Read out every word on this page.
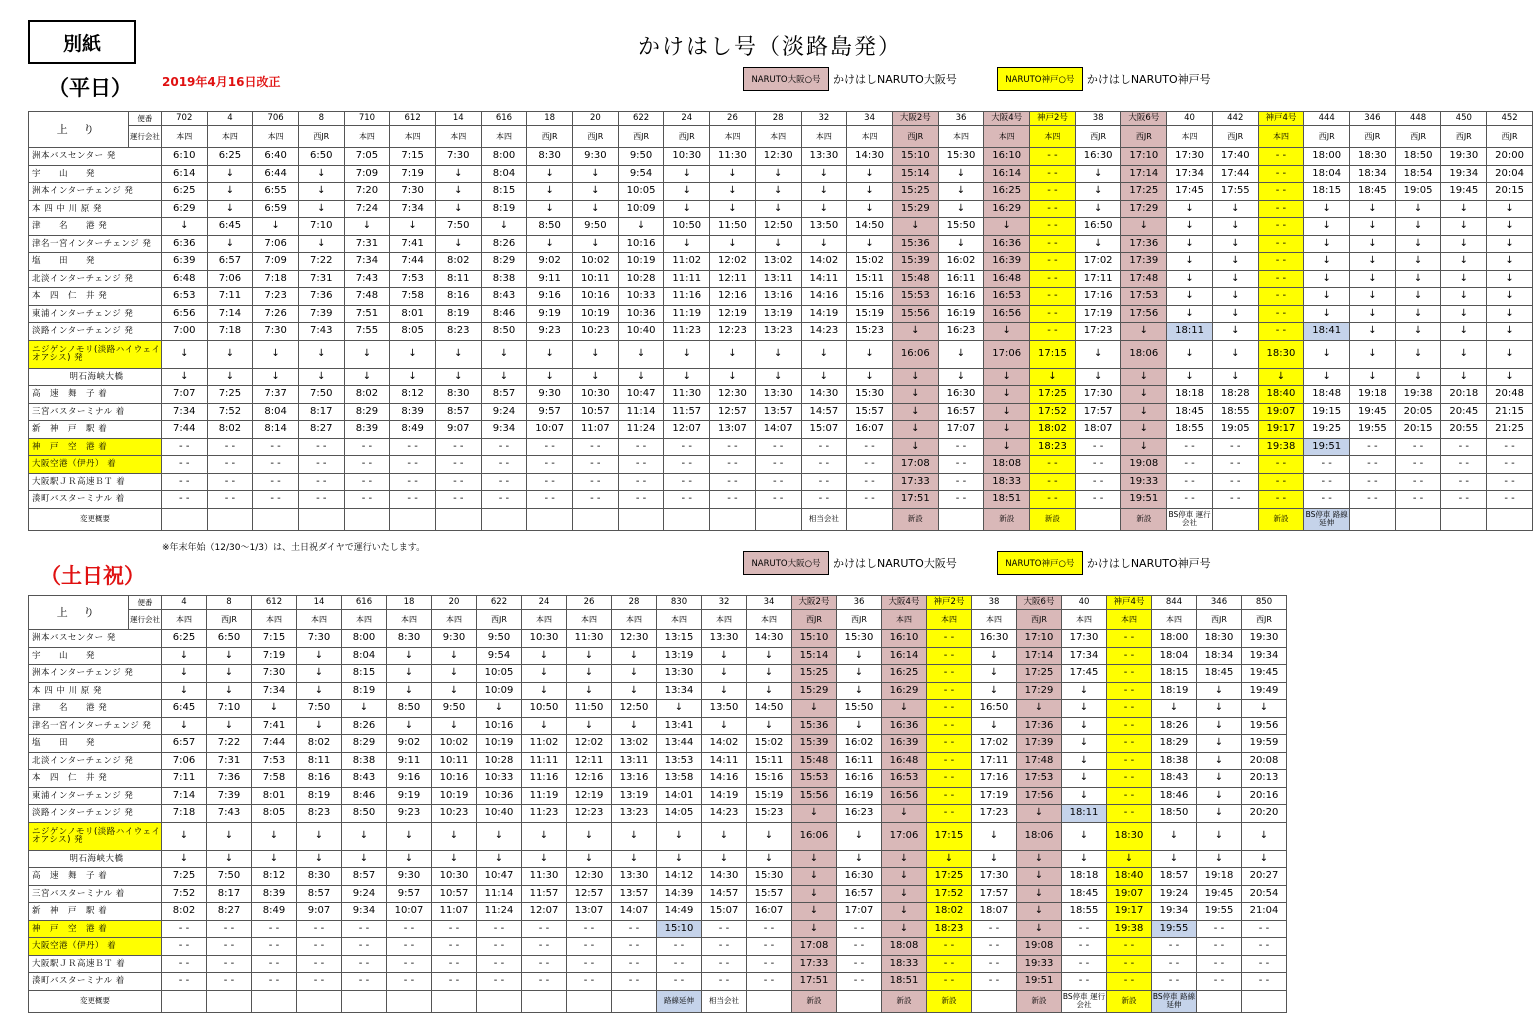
別紙	かけはし号（淡路島発）
（平日）	2019年4月16日改正	NARUTO大阪○号	かけはしNARUTO大阪号	NARUTO神戸○号	かけはしNARUTO神戸号
上 り	便番	702	4	706	8	710	612	14	616	18	20	622	24	26	28	32	34	大阪2号	36	大阪4号	神戸2号	38	大阪6号	40	442	神戸4号	444	346	448	450	452
	運行会社	本四	本四	本四	西JR	本四	本四	本四	本四	西JR	西JR	西JR	西JR	本四	本四	本四	本四	西JR	本四	本四	本四	西JR	西JR	本四	西JR	本四	西JR	西JR	西JR	西JR	西JR
洲本バスセンター 発		6:10	6:25	6:40	6:50	7:05	7:15	7:30	8:00	8:30	9:30	9:50	10:30	11:30	12:30	13:30	14:30	15:10	15:30	16:10	- -	16:30	17:10	17:30	17:40	- -	18:00	18:30	18:50	19:30	20:00
宇　　山　　発		6:14	↓	6:44	↓	7:09	7:19	↓	8:04	↓	↓	9:54	↓	↓	↓	↓	↓	15:14	↓	16:14	- -	↓	17:14	17:34	17:44	- -	18:04	18:34	18:54	19:34	20:04
洲本インターチェンジ 発		6:25	↓	6:55	↓	7:20	7:30	↓	8:15	↓	↓	10:05	↓	↓	↓	↓	↓	15:25	↓	16:25	- -	↓	17:25	17:45	17:55	- -	18:15	18:45	19:05	19:45	20:15
本 四 中 川 原 発		6:29	↓	6:59	↓	7:24	7:34	↓	8:19	↓	↓	10:09	↓	↓	↓	↓	↓	15:29	↓	16:29	- -	↓	17:29	↓	↓	- -	↓	↓	↓	↓	↓
津　　名　　港 発		↓	6:45	↓	7:10	↓	↓	7:50	↓	8:50	9:50	↓	10:50	11:50	12:50	13:50	14:50	↓	15:50	↓	- -	16:50	↓	↓	↓	- -	↓	↓	↓	↓	↓
津名一宮インターチェンジ 発		6:36	↓	7:06	↓	7:31	7:41	↓	8:26	↓	↓	10:16	↓	↓	↓	↓	↓	15:36	↓	16:36	- -	↓	17:36	↓	↓	- -	↓	↓	↓	↓	↓
塩　　田　　発		6:39	6:57	7:09	7:22	7:34	7:44	8:02	8:29	9:02	10:02	10:19	11:02	12:02	13:02	14:02	15:02	15:39	16:02	16:39	- -	17:02	17:39	↓	↓	- -	↓	↓	↓	↓	↓
北淡インターチェンジ 発		6:48	7:06	7:18	7:31	7:43	7:53	8:11	8:38	9:11	10:11	10:28	11:11	12:11	13:11	14:11	15:11	15:48	16:11	16:48	- -	17:11	17:48	↓	↓	- -	↓	↓	↓	↓	↓
本　四　仁　井 発		6:53	7:11	7:23	7:36	7:48	7:58	8:16	8:43	9:16	10:16	10:33	11:16	12:16	13:16	14:16	15:16	15:53	16:16	16:53	- -	17:16	17:53	↓	↓	- -	↓	↓	↓	↓	↓
東浦インターチェンジ 発		6:56	7:14	7:26	7:39	7:51	8:01	8:19	8:46	9:19	10:19	10:36	11:19	12:19	13:19	14:19	15:19	15:56	16:19	16:56	- -	17:19	17:56	↓	↓	- -	↓	↓	↓	↓	↓
淡路インターチェンジ 発		7:00	7:18	7:30	7:43	7:55	8:05	8:23	8:50	9:23	10:23	10:40	11:23	12:23	13:23	14:23	15:23	↓	16:23	↓	- -	17:23	↓	18:11	↓	- -	18:41	↓	↓	↓	↓
ニジゲンノモリ(淡路ハイウェイオアシス) 発		↓	↓	↓	↓	↓	↓	↓	↓	↓	↓	↓	↓	↓	↓	↓	↓	16:06	↓	17:06	17:15	↓	18:06	↓	↓	18:30	↓	↓	↓	↓	↓
明石海峡大橋		↓	↓	↓	↓	↓	↓	↓	↓	↓	↓	↓	↓	↓	↓	↓	↓	↓	↓	↓	↓	↓	↓	↓	↓	↓	↓	↓	↓	↓	↓
高　速　舞　子 着		7:07	7:25	7:37	7:50	8:02	8:12	8:30	8:57	9:30	10:30	10:47	11:30	12:30	13:30	14:30	15:30	↓	16:30	↓	17:25	17:30	↓	18:18	18:28	18:40	18:48	19:18	19:38	20:18	20:48
三宮バスターミナル 着		7:34	7:52	8:04	8:17	8:29	8:39	8:57	9:24	9:57	10:57	11:14	11:57	12:57	13:57	14:57	15:57	↓	16:57	↓	17:52	17:57	↓	18:45	18:55	19:07	19:15	19:45	20:05	20:45	21:15
新　神　戸　駅 着		7:44	8:02	8:14	8:27	8:39	8:49	9:07	9:34	10:07	11:07	11:24	12:07	13:07	14:07	15:07	16:07	↓	17:07	↓	18:02	18:07	↓	18:55	19:05	19:17	19:25	19:55	20:15	20:55	21:25
神　戸　空　港 着		- -	- -	- -	- -	- -	- -	- -	- -	- -	- -	- -	- -	- -	- -	- -	- -	↓	- -	↓	18:23	- -	↓	- -	- -	19:38	19:51	- -	- -	- -	- -
大阪空港（伊丹） 着		- -	- -	- -	- -	- -	- -	- -	- -	- -	- -	- -	- -	- -	- -	- -	- -	17:08	- -	18:08	- -	- -	19:08	- -	- -	- -	- -	- -	- -	- -	- -
大阪駅ＪＲ高速ＢＴ 着		- -	- -	- -	- -	- -	- -	- -	- -	- -	- -	- -	- -	- -	- -	- -	- -	17:33	- -	18:33	- -	- -	19:33	- -	- -	- -	- -	- -	- -	- -	- -
湊町バスターミナル 着		- -	- -	- -	- -	- -	- -	- -	- -	- -	- -	- -	- -	- -	- -	- -	- -	17:51	- -	18:51	- -	- -	19:51	- -	- -	- -	- -	- -	- -	- -	- -
変更概要																相当会社		新設		新設	新設		新設	BS停車 運行会社		新設	BS停車 路線延伸				
※年末年始（12/30～1/3）は、土日祝ダイヤで運行いたします。
（土日祝）	NARUTO大阪○号	かけはしNARUTO大阪号	NARUTO神戸○号	かけはしNARUTO神戸号
上 り	便番	4	8	612	14	616	18	20	622	24	26	28	830	32	34	大阪2号	36	大阪4号	神戸2号	38	大阪6号	40	神戸4号	844	346	850
	運行会社	本四	西JR	本四	本四	本四	本四	本四	西JR	本四	本四	本四	本四	本四	本四	西JR	西JR	本四	本四	本四	西JR	本四	本四	本四	西JR	西JR
洲本バスセンター 発		6:25	6:50	7:15	7:30	8:00	8:30	9:30	9:50	10:30	11:30	12:30	13:15	13:30	14:30	15:10	15:30	16:10	- -	16:30	17:10	17:30	- -	18:00	18:30	19:30
宇　　山　　発		↓	↓	7:19	↓	8:04	↓	↓	9:54	↓	↓	↓	13:19	↓	↓	15:14	↓	16:14	- -	↓	17:14	17:34	- -	18:04	18:34	19:34
洲本インターチェンジ 発		↓	↓	7:30	↓	8:15	↓	↓	10:05	↓	↓	↓	13:30	↓	↓	15:25	↓	16:25	- -	↓	17:25	17:45	- -	18:15	18:45	19:45
本 四 中 川 原 発		↓	↓	7:34	↓	8:19	↓	↓	10:09	↓	↓	↓	13:34	↓	↓	15:29	↓	16:29	- -	↓	17:29	↓	- -	18:19	↓	19:49
津　　名　　港 発		6:45	7:10	↓	7:50	↓	8:50	9:50	↓	10:50	11:50	12:50	↓	13:50	14:50	↓	15:50	↓	- -	16:50	↓	↓	- -	↓	↓	↓
津名一宮インターチェンジ 発		↓	↓	7:41	↓	8:26	↓	↓	10:16	↓	↓	↓	13:41	↓	↓	15:36	↓	16:36	- -	↓	17:36	↓	- -	18:26	↓	19:56
塩　　田　　発		6:57	7:22	7:44	8:02	8:29	9:02	10:02	10:19	11:02	12:02	13:02	13:44	14:02	15:02	15:39	16:02	16:39	- -	17:02	17:39	↓	- -	18:29	↓	19:59
北淡インターチェンジ 発		7:06	7:31	7:53	8:11	8:38	9:11	10:11	10:28	11:11	12:11	13:11	13:53	14:11	15:11	15:48	16:11	16:48	- -	17:11	17:48	↓	- -	18:38	↓	20:08
本　四　仁　井 発		7:11	7:36	7:58	8:16	8:43	9:16	10:16	10:33	11:16	12:16	13:16	13:58	14:16	15:16	15:53	16:16	16:53	- -	17:16	17:53	↓	- -	18:43	↓	20:13
東浦インターチェンジ 発		7:14	7:39	8:01	8:19	8:46	9:19	10:19	10:36	11:19	12:19	13:19	14:01	14:19	15:19	15:56	16:19	16:56	- -	17:19	17:56	↓	- -	18:46	↓	20:16
淡路インターチェンジ 発		7:18	7:43	8:05	8:23	8:50	9:23	10:23	10:40	11:23	12:23	13:23	14:05	14:23	15:23	↓	16:23	↓	- -	17:23	↓	18:11	- -	18:50	↓	20:20
ニジゲンノモリ(淡路ハイウェイオアシス) 発		↓	↓	↓	↓	↓	↓	↓	↓	↓	↓	↓	↓	↓	↓	16:06	↓	17:06	17:15	↓	18:06	↓	18:30	↓	↓	↓
明石海峡大橋		↓	↓	↓	↓	↓	↓	↓	↓	↓	↓	↓	↓	↓	↓	↓	↓	↓	↓	↓	↓	↓	↓	↓	↓	↓
高　速　舞　子 着		7:25	7:50	8:12	8:30	8:57	9:30	10:30	10:47	11:30	12:30	13:30	14:12	14:30	15:30	↓	16:30	↓	17:25	17:30	↓	18:18	18:40	18:57	19:18	20:27
三宮バスターミナル 着		7:52	8:17	8:39	8:57	9:24	9:57	10:57	11:14	11:57	12:57	13:57	14:39	14:57	15:57	↓	16:57	↓	17:52	17:57	↓	18:45	19:07	19:24	19:45	20:54
新　神　戸　駅 着		8:02	8:27	8:49	9:07	9:34	10:07	11:07	11:24	12:07	13:07	14:07	14:49	15:07	16:07	↓	17:07	↓	18:02	18:07	↓	18:55	19:17	19:34	19:55	21:04
神　戸　空　港 着		- -	- -	- -	- -	- -	- -	- -	- -	- -	- -	- -	15:10	- -	- -	↓	- -	↓	18:23	- -	↓	- -	19:38	19:55	- -	- -
大阪空港（伊丹） 着		- -	- -	- -	- -	- -	- -	- -	- -	- -	- -	- -	- -	- -	- -	17:08	- -	18:08	- -	- -	19:08	- -	- -	- -	- -	- -
大阪駅ＪＲ高速ＢＴ 着		- -	- -	- -	- -	- -	- -	- -	- -	- -	- -	- -	- -	- -	- -	17:33	- -	18:33	- -	- -	19:33	- -	- -	- -	- -	- -
湊町バスターミナル 着		- -	- -	- -	- -	- -	- -	- -	- -	- -	- -	- -	- -	- -	- -	17:51	- -	18:51	- -	- -	19:51	- -	- -	- -	- -	- -
変更概要													路線延伸	相当会社		新設		新設	新設		新設	BS停車 運行会社	新設	BS停車 路線延伸		
